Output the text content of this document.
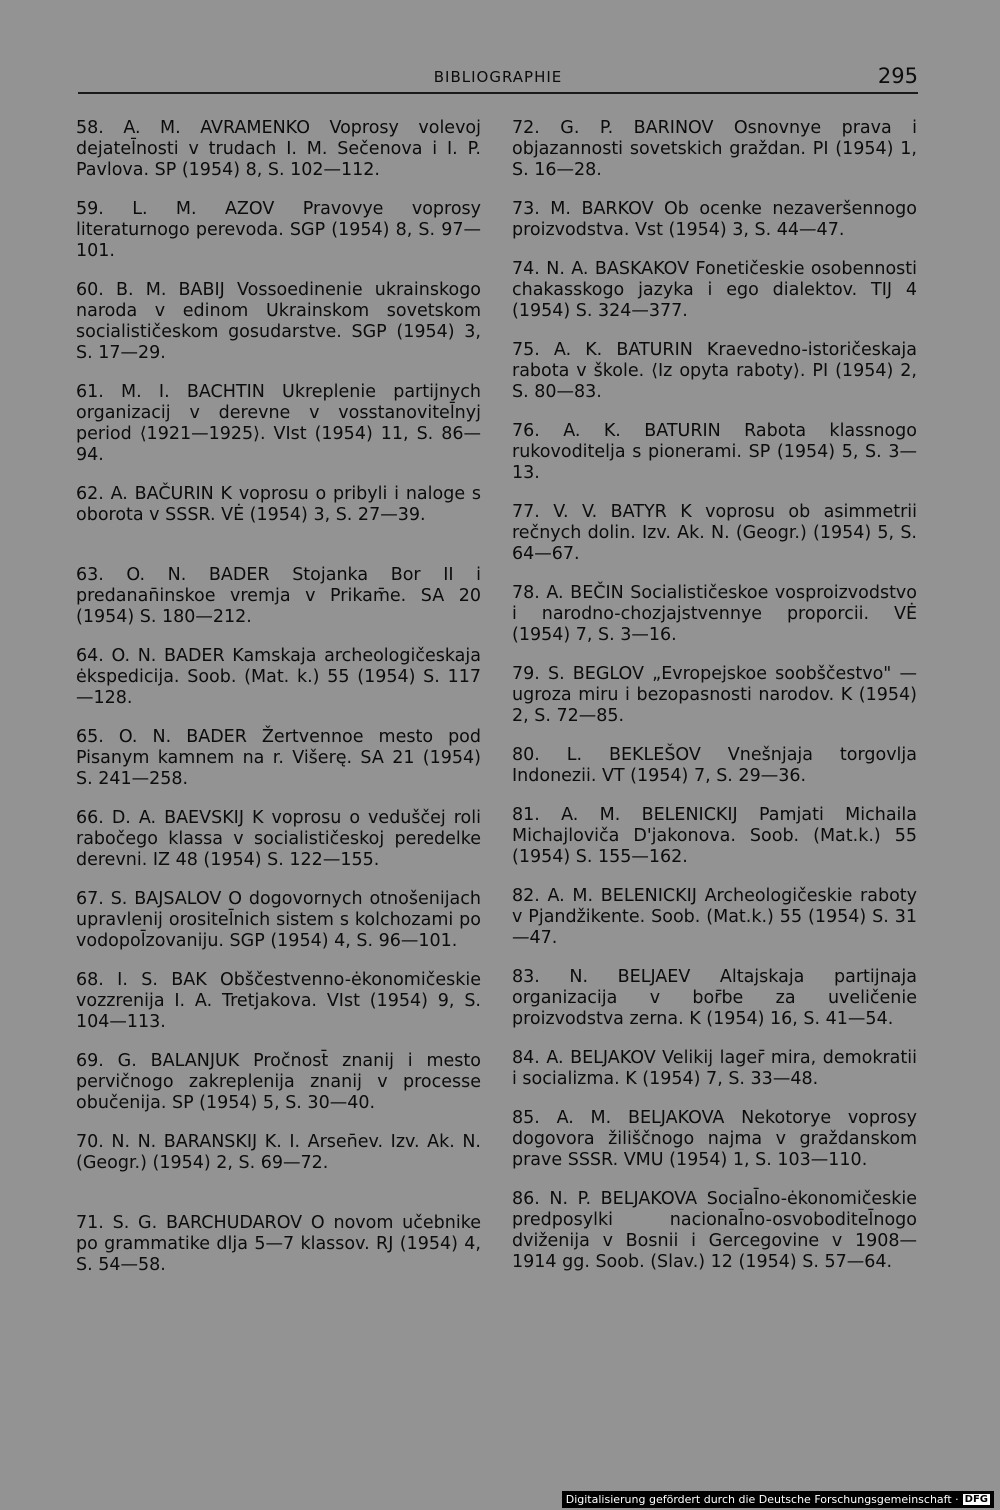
BIBLIOGRAPHIE	295

58. A. M. AVRAMENKO Voprosy volevoj dejatel̄nosti v trudach I. M. Sečenova i I. P. Pavlova. SP (1954) 8, S. 102—112.

59. L. M. AZOV Pravovye voprosy literaturnogo perevoda. SGP (1954) 8, S. 97—101.

60. B. M. BABIJ Vossoedinenie ukrainskogo naroda v edinom Ukrainskom sovetskom socialističeskom gosudarstve. SGP (1954) 3, S. 17—29.

61. M. I. BACHTIN Ukreplenie partijnych organizacij v derevne v vosstanovitel̄nyj period ⟨1921—1925⟩. VIst (1954) 11, S. 86—94.

62. A. BAČURIN K voprosu o pribyli i naloge s oborota v SSSR. VĖ (1954) 3, S. 27—39.

63. O. N. BADER Stojanka Bor II i predanan̄inskoe vremja v Prikam̄e. SA 20 (1954) S. 180—212.

64. O. N. BADER Kamskaja archeologičeskaja ėkspedicija. Soob. (Mat. k.) 55 (1954) S. 117—128.

65. O. N. BADER Žertvennoe mesto pod Pisanym kamnem na r. Višerę. SA 21 (1954) S. 241—258.

66. D. A. BAEVSKIJ K voprosu o veduščej roli rabočego klassa v socialističeskoj peredelke derevni. IZ 48 (1954) S. 122—155.

67. S. BAJSALOV O dogovornych otnošenijach upravlenij orositel̄nich sistem s kolchozami po vodopol̄zovaniju. SGP (1954) 4, S. 96—101.

68. I. S. BAK Obščestvenno-ėkonomičeskie vozzrenija I. A. Tretjakova. VIst (1954) 9, S. 104—113.

69. G. BALANJUK Pročnost̄ znanij i mesto pervičnogo zakreplenija znanij v processe obučenija. SP (1954) 5, S. 30—40.

70. N. N. BARANSKIJ K. I. Arsen̄ev. Izv. Ak. N. (Geogr.) (1954) 2, S. 69—72.

71. S. G. BARCHUDAROV O novom učebnike po grammatike dlja 5—7 klassov. RJ (1954) 4, S. 54—58.

72. G. P. BARINOV Osnovnye prava i objazannosti sovetskich graždan. PI (1954) 1, S. 16—28.

73. M. BARKOV Ob ocenke nezaveršennogo proizvodstva. Vst (1954) 3, S. 44—47.

74. N. A. BASKAKOV Fonetičeskie osobennosti chakasskogo jazyka i ego dialektov. TIJ 4 (1954) S. 324—377.

75. A. K. BATURIN Kraevedno-istoričeskaja rabota v škole. ⟨Iz opyta raboty⟩. PI (1954) 2, S. 80—83.

76. A. K. BATURIN Rabota klassnogo rukovoditelja s pionerami. SP (1954) 5, S. 3—13.

77. V. V. BATYR K voprosu ob asimmetrii rečnych dolin. Izv. Ak. N. (Geogr.) (1954) 5, S. 64—67.

78. A. BEČIN Socialističeskoe vosproizvodstvo i narodno-chozjajstvennye proporcii. VĖ (1954) 7, S. 3—16.

79. S. BEGLOV „Evropejskoe soobščestvo" —ugroza miru i bezopasnosti narodov. K (1954) 2, S. 72—85.

80. L. BEKLEŠOV Vnešnjaja torgovlja Indonezii. VT (1954) 7, S. 29—36.

81. A. M. BELENICKIJ Pamjati Michaila Michajloviča D'jakonova. Soob. (Mat.k.) 55 (1954) S. 155—162.

82. A. M. BELENICKIJ Archeologičeskie raboty v Pjandžikente. Soob. (Mat.k.) 55 (1954) S. 31—47.

83. N. BELJAEV Altajskaja partijnaja organizacija v bor̄be za uveličenie proizvodstva zerna. K (1954) 16, S. 41—54.

84. A. BELJAKOV Velikij lager̄ mira, demokratii i socializma. K (1954) 7, S. 33—48.

85. A. M. BELJAKOVA Nekotorye voprosy dogovora žiliščnogo najma v graždanskom prave SSSR. VMU (1954) 1, S. 103—110.

86. N. P. BELJAKOVA Social̄no-ėkonomičeskie predposylki nacional̄no-osvoboditel̄nogo dviženija v Bosnii i Gercegovine v 1908—1914 gg. Soob. (Slav.) 12 (1954) S. 57—64.

Digitalisierung gefördert durch die Deutsche Forschungsgemeinschaft · DFG
